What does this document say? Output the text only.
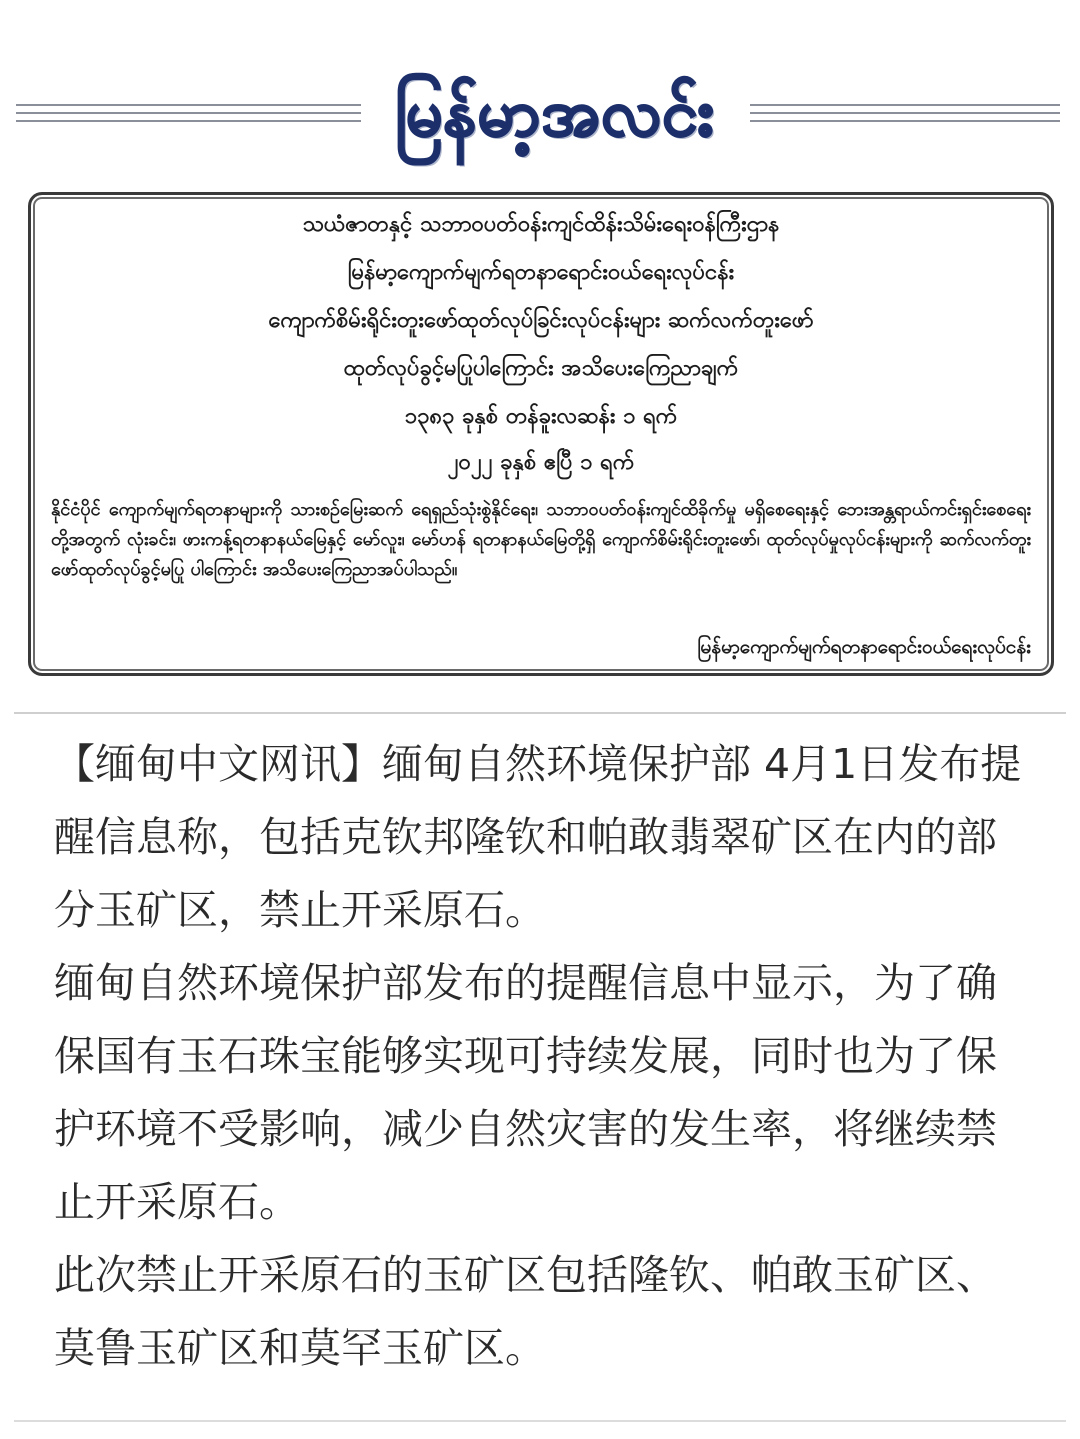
မြန်မာ့အလင်း
သယံဇာတနှင့် သဘာဝပတ်ဝန်းကျင်ထိန်းသိမ်းရေးဝန်ကြီးဌာန
မြန်မာ့ကျောက်မျက်ရတနာရောင်းဝယ်ရေးလုပ်ငန်း
ကျောက်စိမ်းရိုင်းတူးဖော်ထုတ်လုပ်ခြင်းလုပ်ငန်းများ ဆက်လက်တူးဖော်
ထုတ်လုပ်ခွင့်မပြုပါကြောင်း အသိပေးကြေညာချက်
၁၃၈၃ ခုနှစ် တန်ခူးလဆန်း ၁ ရက်
၂၀၂၂ ခုနှစ် ဧပြီ ၁ ရက်
နိုင်ငံပိုင် ကျောက်မျက်ရတနာများကို သားစဉ်မြေးဆက် ရေရှည်သုံးစွဲနိုင်ရေး၊ သဘာဝပတ်ဝန်းကျင်ထိခိုက်မှု မရှိစေရေးနှင့် ဘေးအန္တရာယ်ကင်းရှင်းစေရေးတို့အတွက် လုံးခင်း၊ ဖားကန့်ရတနာနယ်မြေနှင့် မော်လူး၊ မော်ဟန် ရတနာနယ်မြေတို့ရှိ ကျောက်စိမ်းရိုင်းတူးဖော်၊ ထုတ်လုပ်မှုလုပ်ငန်းများကို ဆက်လက်တူးဖော်ထုတ်လုပ်ခွင့်မပြု ပါကြောင်း အသိပေးကြေညာအပ်ပါသည်။
မြန်မာ့ကျောက်မျက်ရတနာရောင်းဝယ်ရေးလုပ်ငန်း

【缅甸中文网讯】缅甸自然环境保护部 4月1日发布提醒信息称，包括克钦邦隆钦和帕敢翡翠矿区在内的部分玉矿区，禁止开采原石。

缅甸自然环境保护部发布的提醒信息中显示，为了确保国有玉石珠宝能够实现可持续发展，同时也为了保护环境不受影响，减少自然灾害的发生率，将继续禁止开采原石。

此次禁止开采原石的玉矿区包括隆钦、帕敢玉矿区、莫鲁玉矿区和莫罕玉矿区。
